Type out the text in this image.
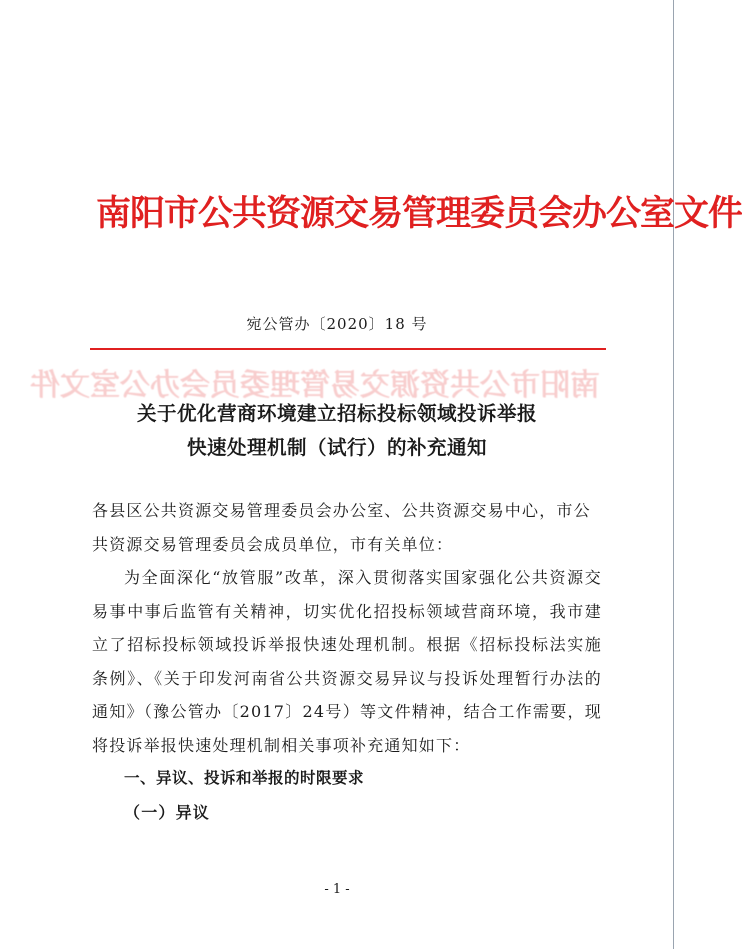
南阳市公共资源交易管理委员会办公室文件
宛公管办〔2020〕18 号
南阳市公共资源交易管理委员会办公室文件
关于优化营商环境建立招标投标领域投诉举报
快速处理机制（试行）的补充通知

各县区公共资源交易管理委员会办公室、公共资源交易中心，市公共资源交易管理委员会成员单位，市有关单位：

为全面深化“放管服”改革，深入贯彻落实国家强化公共资源交易事中事后监管有关精神，切实优化招投标领域营商环境，我市建立了招标投标领域投诉举报快速处理机制。根据《招标投标法实施条例》、《关于印发河南省公共资源交易异议与投诉处理暂行办法的通知》（豫公管办〔2017〕24号）等文件精神，结合工作需要，现将投诉举报快速处理机制相关事项补充通知如下：

一、异议、投诉和举报的时限要求

（一）异议

- 1 -
